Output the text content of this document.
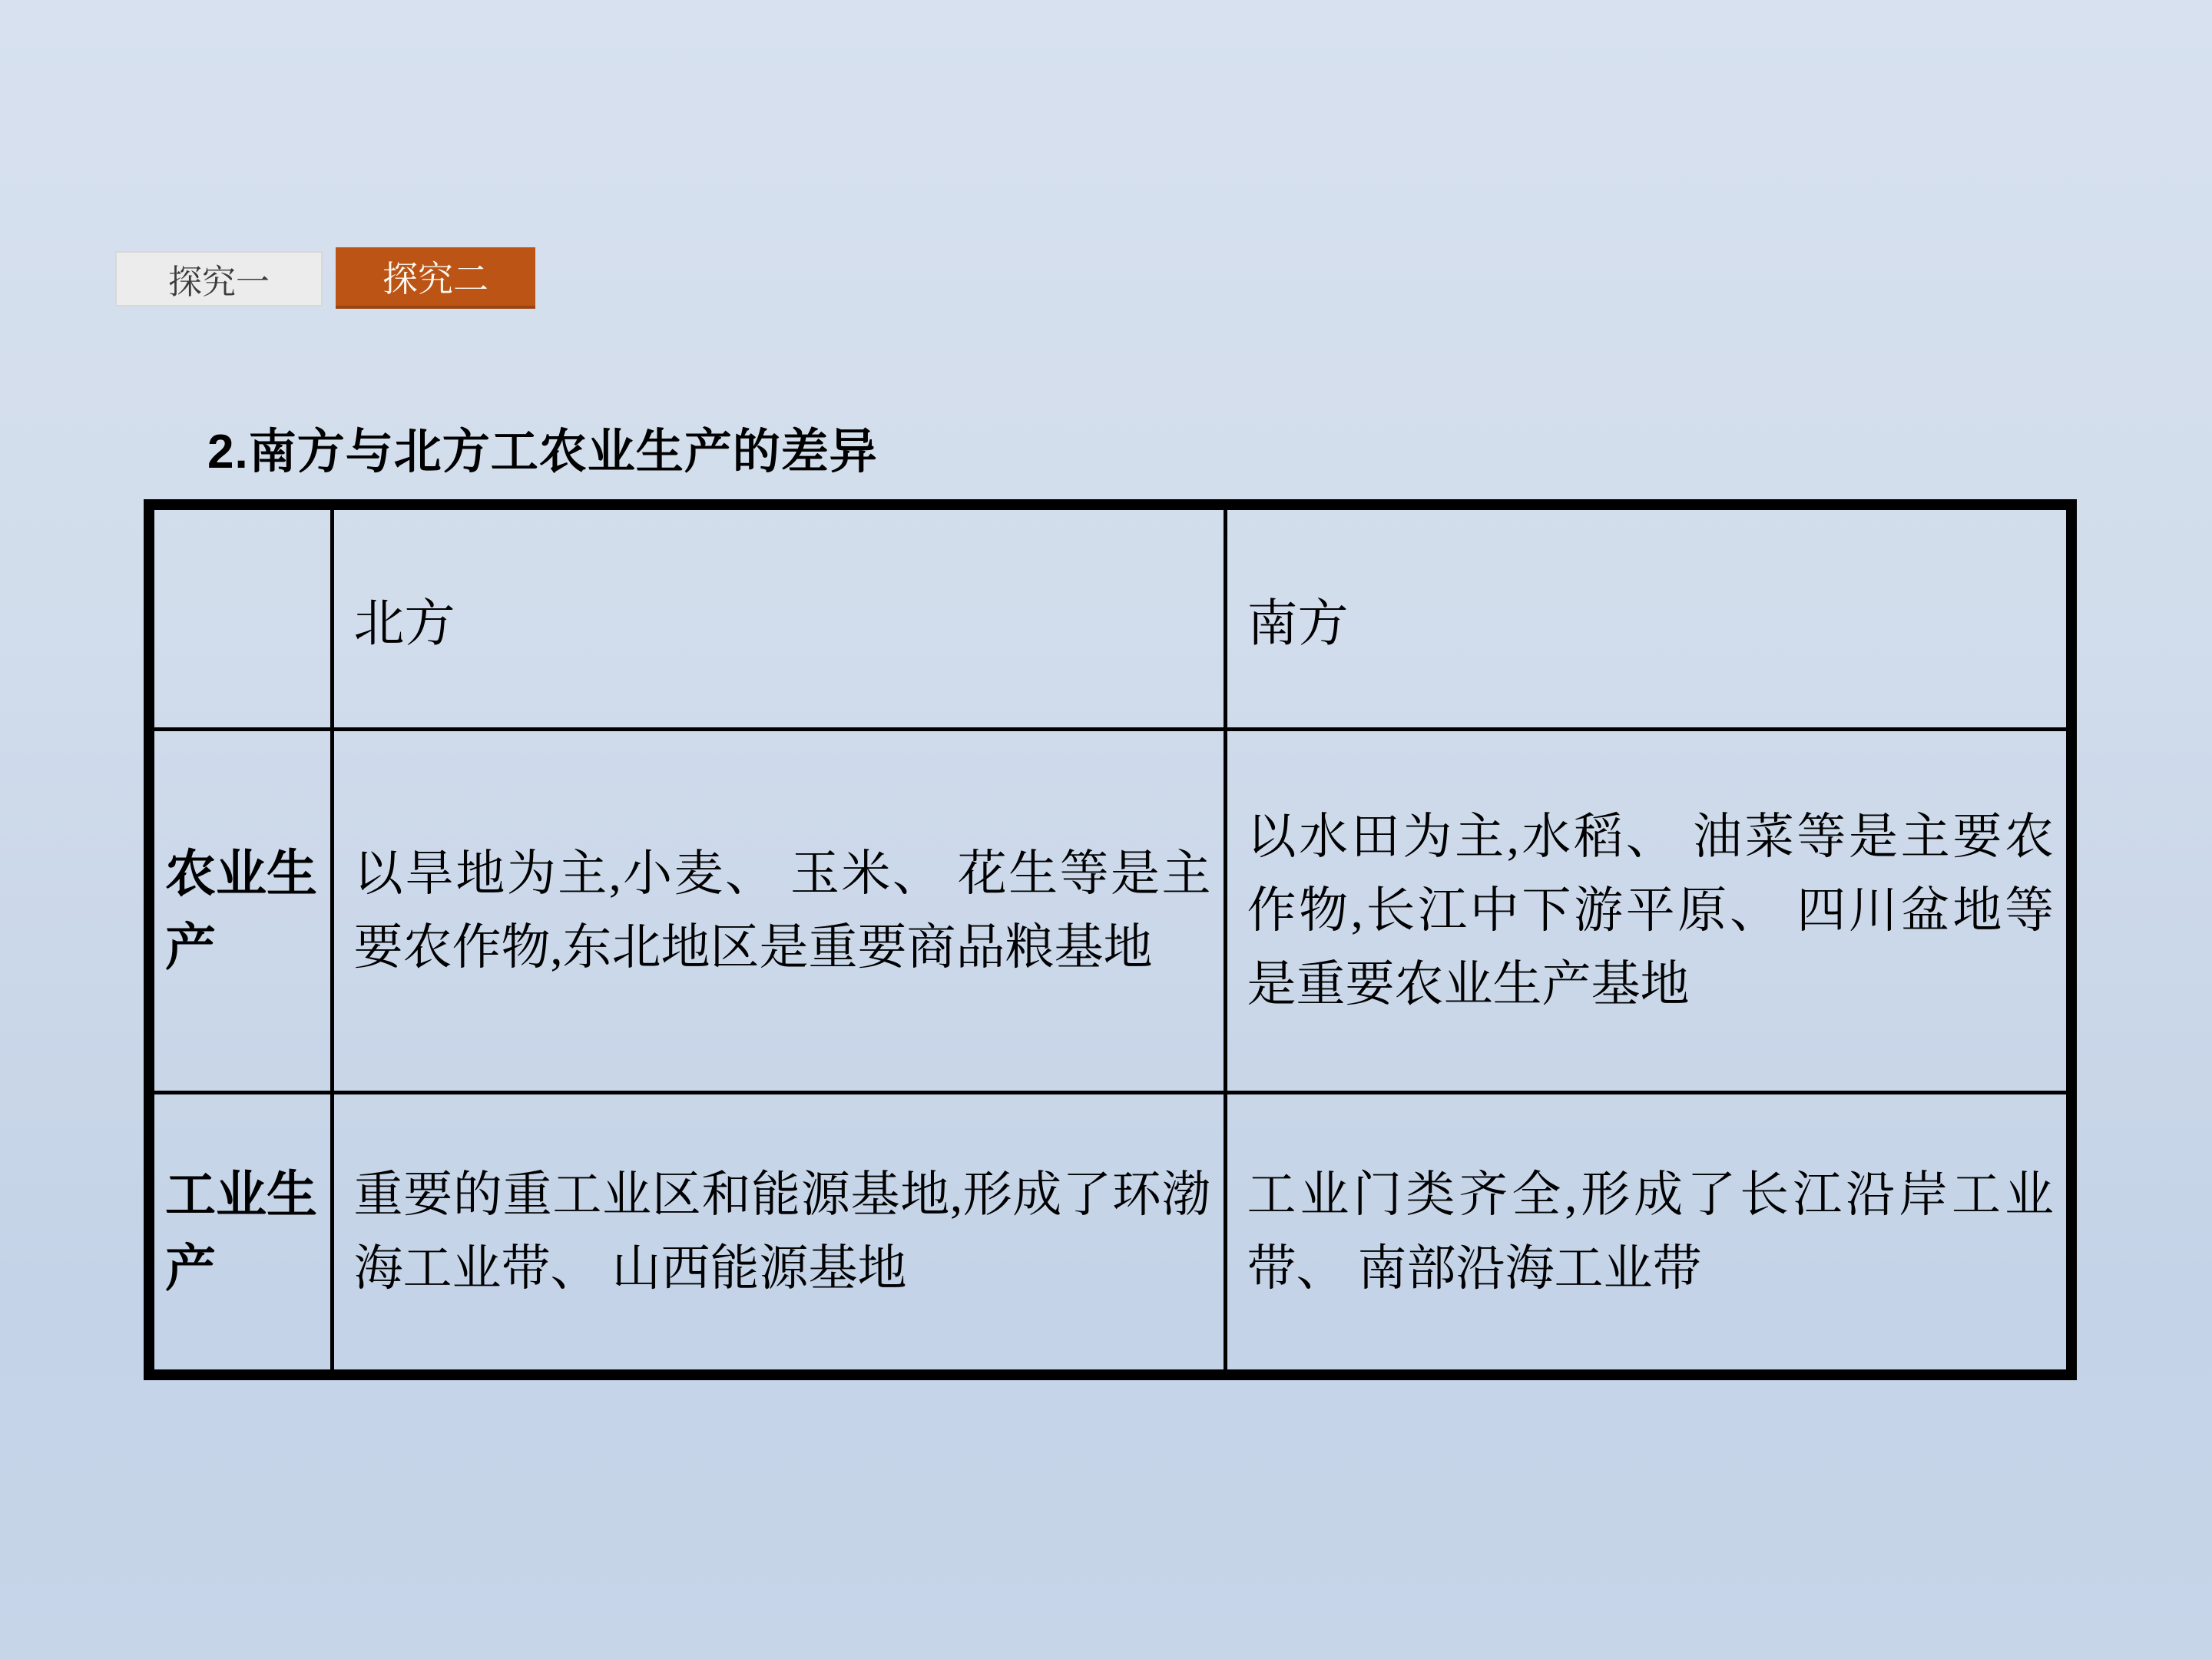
探究一	探究二
2.南方与北方工农业生产的差异
	北方	南方
农业生产	以旱地为主,小麦、 玉米、 花生等是主要农作物,东北地区是重要商品粮基地	以水田为主,水稻、 油菜等是主要农作物,长江中下游平原、 四川盆地等是重要农业生产基地
工业生产	重要的重工业区和能源基地,形成了环渤海工业带、 山西能源基地	工业门类齐全,形成了长江沿岸工业带、 南部沿海工业带
